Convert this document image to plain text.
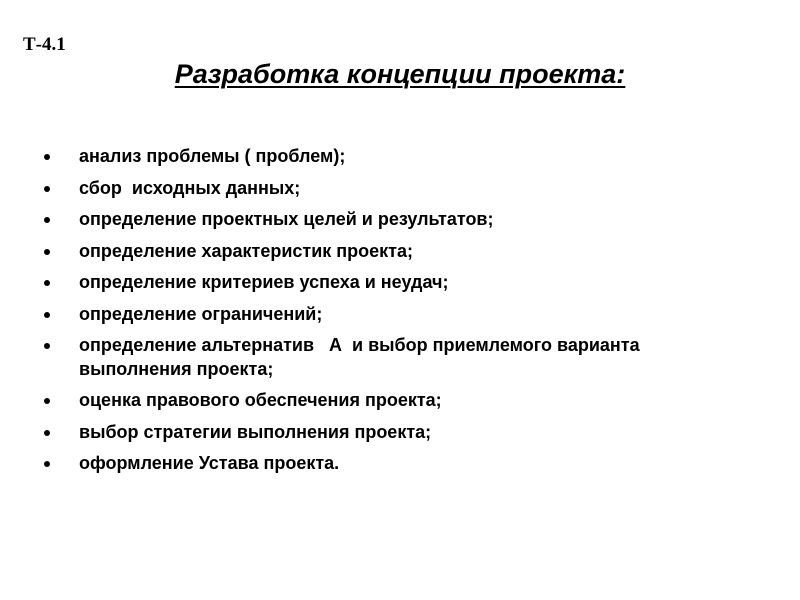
Т-4.1
Разработка концепции проекта:
анализ проблемы ( проблем);
сбор  исходных данных;
определение проектных целей и результатов;
определение характеристик проекта;
определение критериев успеха и неудач;
определение ограничений;
определение альтернатив   А  и выбор приемлемого варианта выполнения проекта;
оценка правового обеспечения проекта;
выбор стратегии выполнения проекта;
оформление Устава проекта.
